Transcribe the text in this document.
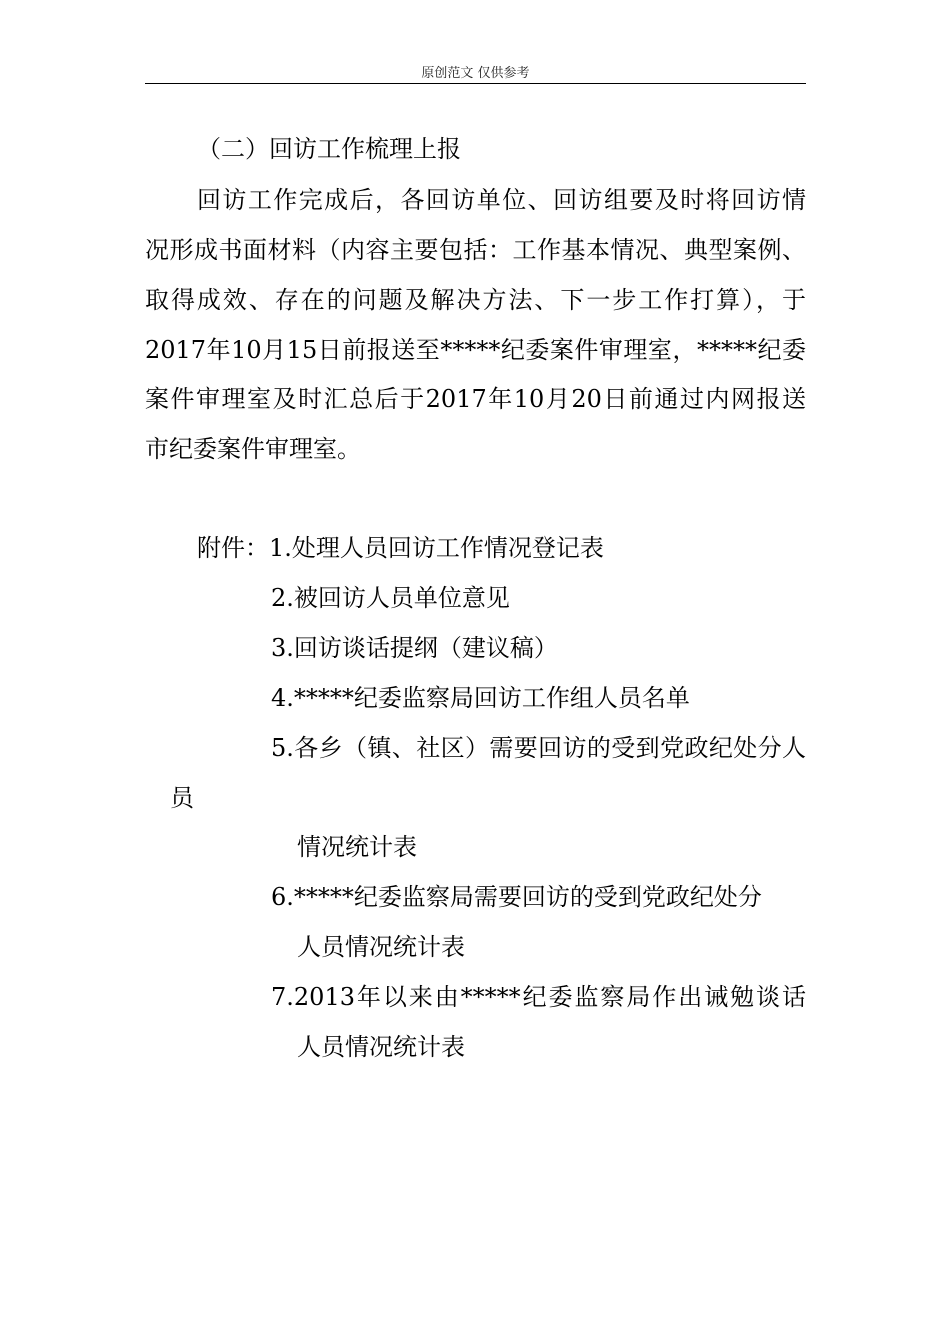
原创范文 仅供参考
（二）回访工作梳理上报
回访工作完成后，各回访单位、回访组要及时将回访情
况形成书面材料（内容主要包括：工作基本情况、典型案例、
取得成效、存在的问题及解决方法、下一步工作打算），于
2017年10月15日前报送至*****纪委案件审理室，*****纪委
案件审理室及时汇总后于2017年10月20日前通过内网报送
市纪委案件审理室。
附件：1.处理人员回访工作情况登记表
2.被回访人员单位意见
3.回访谈话提纲（建议稿）
4.*****纪委监察局回访工作组人员名单
5.各乡（镇、社区）需要回访的受到党政纪处分人
员
情况统计表
6.*****纪委监察局需要回访的受到党政纪处分
人员情况统计表
7.2013年以来由*****纪委监察局作出诫勉谈话
人员情况统计表
